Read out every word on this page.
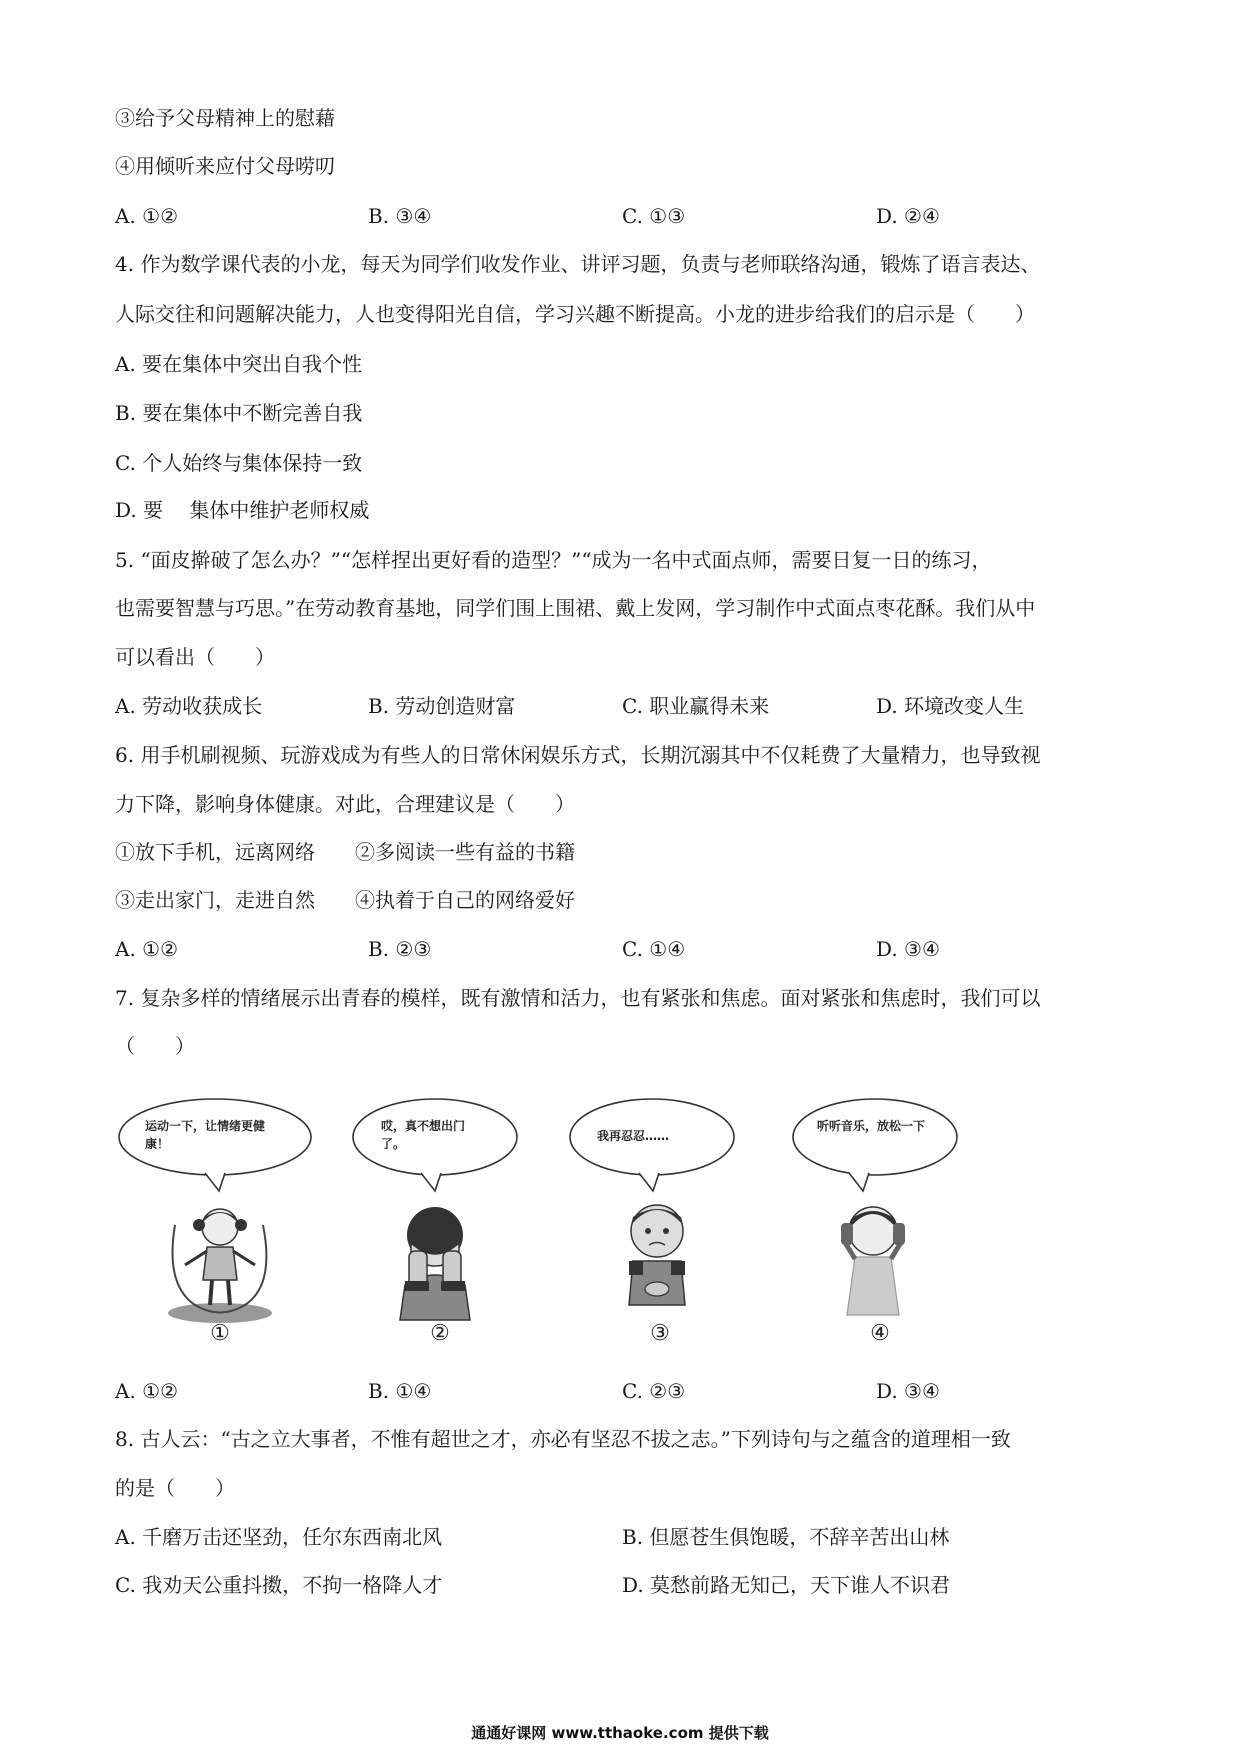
③给予父母精神上的慰藉
④用倾听来应付父母唠叨
A. ①②	B. ③④	C. ①③	D. ②④
4. 作为数学课代表的小龙，每天为同学们收发作业、讲评习题，负责与老师联络沟通，锻炼了语言表达、
人际交往和问题解决能力，人也变得阳光自信，学习兴趣不断提高。小龙的进步给我们的启示是（　　）
A. 要在集体中突出自我个性
B. 要在集体中不断完善自我
C. 个人始终与集体保持一致
D. 要　 集体中维护老师权威
5. “面皮擀破了怎么办？”“怎样捏出更好看的造型？”“成为一名中式面点师，需要日复一日的练习，
也需要智慧与巧思。”在劳动教育基地，同学们围上围裙、戴上发网，学习制作中式面点枣花酥。我们从中
可以看出（　　）
A. 劳动收获成长	B. 劳动创造财富	C. 职业赢得未来	D. 环境改变人生
6. 用手机刷视频、玩游戏成为有些人的日常休闲娱乐方式，长期沉溺其中不仅耗费了大量精力，也导致视
力下降，影响身体健康。对此，合理建议是（　　）
①放下手机，远离网络 ②多阅读一些有益的书籍
③走出家门，走进自然 ④执着于自己的网络爱好
A. ①②	B. ②③	C. ①④	D. ③④
7. 复杂多样的情绪展示出青春的模样，既有激情和活力，也有紧张和焦虑。面对紧张和焦虑时，我们可以
（　　）
运动一下，让情绪更健康！
①
哎，真不想出门了。
②
我再忍忍……
③
听听音乐，放松一下
④
A. ①②	B. ①④	C. ②③	D. ③④
8. 古人云：“古之立大事者，不惟有超世之才，亦必有坚忍不拔之志。”下列诗句与之蕴含的道理相一致
的是（　　）
A. 千磨万击还坚劲，任尔东西南北风	B. 但愿苍生俱饱暖，不辞辛苦出山林
C. 我劝天公重抖擞，不拘一格降人才	D. 莫愁前路无知己，天下谁人不识君
通通好课网 www.tthaoke.com 提供下载
